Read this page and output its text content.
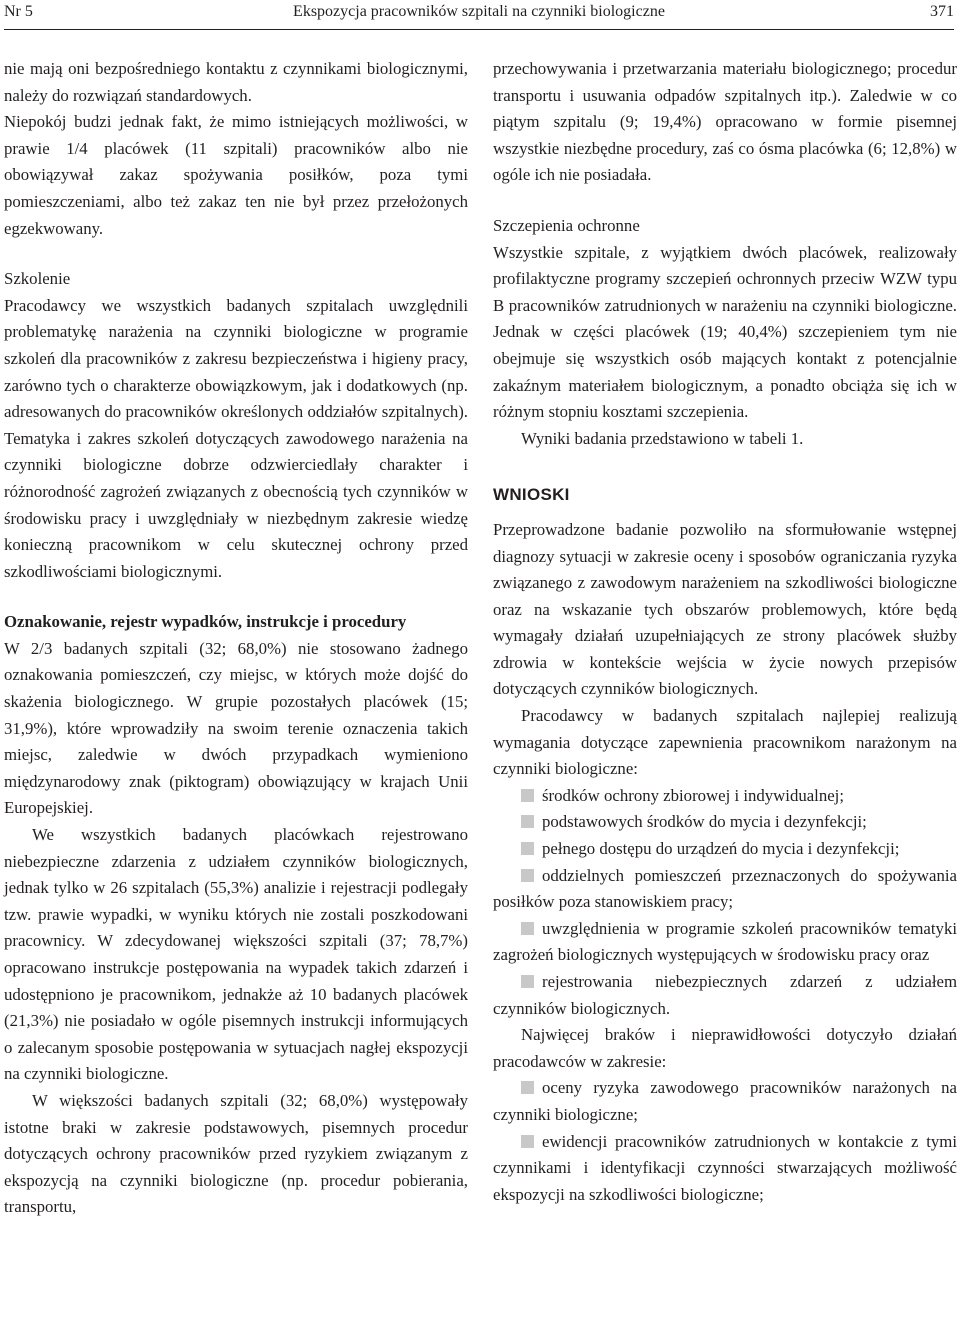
Nr 5	Ekspozycja pracowników szpitali na czynniki biologiczne	371

nie mają oni bezpośredniego kontaktu z czynnikami biologicznymi, należy do rozwiązań standardowych.

Niepokój budzi jednak fakt, że mimo istniejących możliwości, w prawie 1/4 placówek (11 szpitali) pracowników albo nie obowiązywał zakaz spożywania posiłków, poza tymi pomieszczeniami, albo też zakaz ten nie był przez przełożonych egzekwowany.

Szkolenie

Pracodawcy we wszystkich badanych szpitalach uwzględnili problematykę narażenia na czynniki biologiczne w programie szkoleń dla pracowników z zakresu bezpieczeństwa i higieny pracy, zarówno tych o charakterze obowiązkowym, jak i dodatkowych (np. adresowanych do pracowników określonych oddziałów szpitalnych). Tematyka i zakres szkoleń dotyczących zawodowego narażenia na czynniki biologiczne dobrze odzwierciedlały charakter i różnorodność zagrożeń związanych z obecnością tych czynników w środowisku pracy i uwzględniały w niezbędnym zakresie wiedzę konieczną pracownikom w celu skutecznej ochrony przed szkodliwościami biologicznymi.

Oznakowanie, rejestr wypadków, instrukcje i procedury

W 2/3 badanych szpitali (32; 68,0%) nie stosowano żadnego oznakowania pomieszczeń, czy miejsc, w których może dojść do skażenia biologicznego. W grupie pozostałych placówek (15; 31,9%), które wprowadziły na swoim terenie oznaczenia takich miejsc, zaledwie w dwóch przypadkach wymieniono międzynarodowy znak (piktogram) obowiązujący w krajach Unii Europejskiej.

We wszystkich badanych placówkach rejestrowano niebezpieczne zdarzenia z udziałem czynników biologicznych, jednak tylko w 26 szpitalach (55,3%) analizie i rejestracji podlegały tzw. prawie wypadki, w wyniku których nie zostali poszkodowani pracownicy. W zdecydowanej większości szpitali (37; 78,7%) opracowano instrukcje postępowania na wypadek takich zdarzeń i udostępniono je pracownikom, jednakże aż 10 badanych placówek (21,3%) nie posiadało w ogóle pisemnych instrukcji informujących o zalecanym sposobie postępowania w sytuacjach nagłej ekspozycji na czynniki biologiczne.

W większości badanych szpitali (32; 68,0%) występowały istotne braki w zakresie podstawowych, pisemnych procedur dotyczących ochrony pracowników przed ryzykiem związanym z ekspozycją na czynniki biologiczne (np. procedur pobierania, transportu,

przechowywania i przetwarzania materiału biologicznego; procedur transportu i usuwania odpadów szpitalnych itp.). Zaledwie w co piątym szpitalu (9; 19,4%) opracowano w formie pisemnej wszystkie niezbędne procedury, zaś co ósma placówka (6; 12,8%) w ogóle ich nie posiadała.

Szczepienia ochronne

Wszystkie szpitale, z wyjątkiem dwóch placówek, realizowały profilaktyczne programy szczepień ochronnych przeciw WZW typu B pracowników zatrudnionych w narażeniu na czynniki biologiczne. Jednak w części placówek (19; 40,4%) szczepieniem tym nie obejmuje się wszystkich osób mających kontakt z potencjalnie zakaźnym materiałem biologicznym, a ponadto obciąża się ich w różnym stopniu kosztami szczepienia.

Wyniki badania przedstawiono w tabeli 1.

WNIOSKI

Przeprowadzone badanie pozwoliło na sformułowanie wstępnej diagnozy sytuacji w zakresie oceny i sposobów ograniczania ryzyka związanego z zawodowym narażeniem na szkodliwości biologiczne oraz na wskazanie tych obszarów problemowych, które będą wymagały działań uzupełniających ze strony placówek służby zdrowia w kontekście wejścia w życie nowych przepisów dotyczących czynników biologicznych.

Pracodawcy w badanych szpitalach najlepiej realizują wymagania dotyczące zapewnienia pracownikom narażonym na czynniki biologiczne:

środków ochrony zbiorowej i indywidualnej;

podstawowych środków do mycia i dezynfekcji;

pełnego dostępu do urządzeń do mycia i dezynfekcji;

oddzielnych pomieszczeń przeznaczonych do spożywania posiłków poza stanowiskiem pracy;

uwzględnienia w programie szkoleń pracowników tematyki zagrożeń biologicznych występujących w środowisku pracy oraz

rejestrowania niebezpiecznych zdarzeń z udziałem czynników biologicznych.

Najwięcej braków i nieprawidłowości dotyczyło działań pracodawców w zakresie:

oceny ryzyka zawodowego pracowników narażonych na czynniki biologiczne;

ewidencji pracowników zatrudnionych w kontakcie z tymi czynnikami i identyfikacji czynności stwarzających możliwość ekspozycji na szkodliwości biologiczne;
